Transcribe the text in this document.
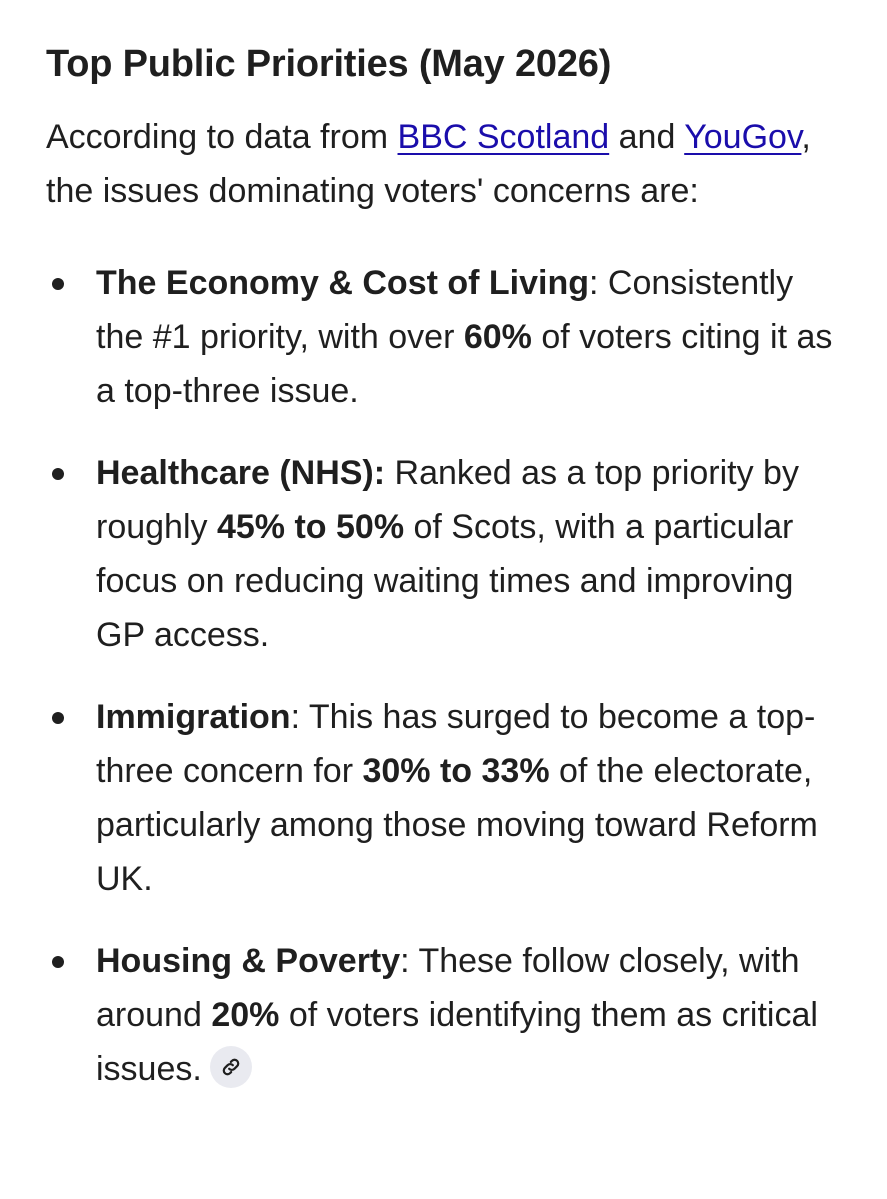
Top Public Priorities (May 2026)

According to data from BBC Scotland and YouGov, the issues dominating voters' concerns are:

The Economy & Cost of Living: Consistently the #1 priority, with over 60% of voters citing it as a top-three issue.
Healthcare (NHS): Ranked as a top priority by roughly 45% to 50% of Scots, with a particular focus on reducing waiting times and improving GP access.
Immigration: This has surged to become a top-three concern for 30% to 33% of the electorate, particularly among those moving toward Reform UK.
Housing & Poverty: These follow closely, with around 20% of voters identifying them as critical issues.
